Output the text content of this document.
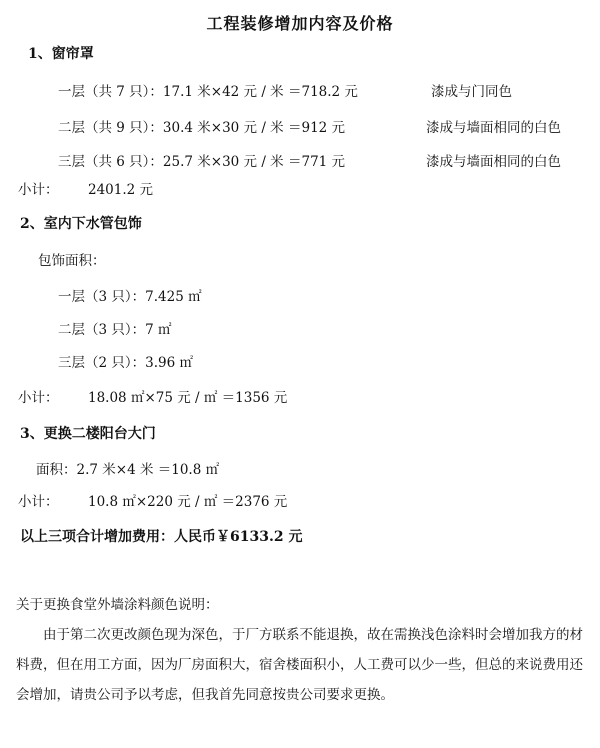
工程装修增加内容及价格
1、窗帘罩
一层（共 7 只）：17.1 米×42 元 / 米 ＝718.2 元	漆成与门同色
二层（共 9 只）：30.4 米×30 元 / 米 ＝912 元	漆成与墙面相同的白色
三层（共 6 只）：25.7 米×30 元 / 米 ＝771 元	漆成与墙面相同的白色
小计： 2401.2 元
2、室内下水管包饰
包饰面积：
一层（3 只）：7.425 ㎡
二层（3 只）：7 ㎡
三层（2 只）：3.96 ㎡
小计： 18.08 ㎡×75 元 / ㎡ ＝1356 元
3、更换二楼阳台大门
面积：2.7 米×4 米 ＝10.8 ㎡
小计： 10.8 ㎡×220 元 / ㎡ ＝2376 元
以上三项合计增加费用：人民币￥6133.2 元
关于更换食堂外墙涂料颜色说明：
由于第二次更改颜色现为深色，于厂方联系不能退换，故在需换浅色涂料时会增加我方的材料费，但在用工方面，因为厂房面积大，宿舍楼面积小，人工费可以少一些，但总的来说费用还会增加，请贵公司予以考虑，但我首先同意按贵公司要求更换。
